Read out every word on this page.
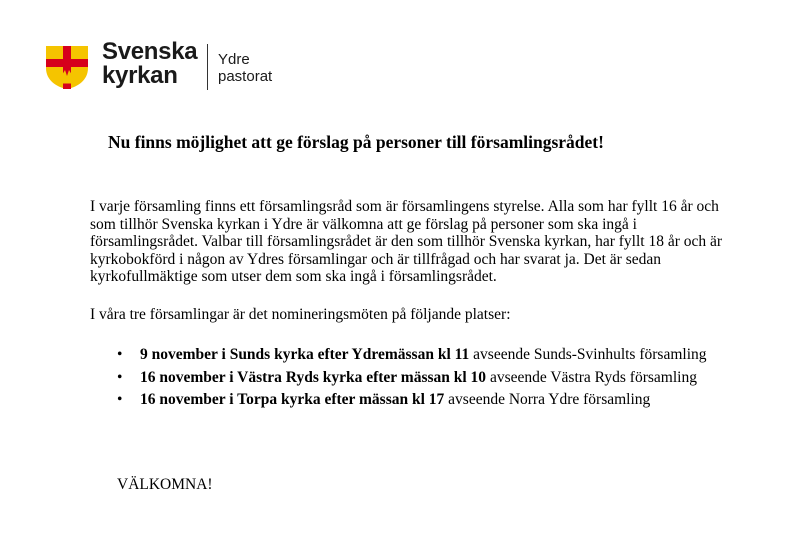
Svenska
kyrkan
Ydre
pastorat
Nu finns möjlighet att ge förslag på personer till församlingsrådet!
I varje församling finns ett församlingsråd som är församlingens styrelse. Alla som har fyllt 16 år och som tillhör Svenska kyrkan i Ydre är välkomna att ge förslag på personer som ska ingå i församlingsrådet. Valbar till församlingsrådet är den som tillhör Svenska kyrkan, har fyllt 18 år och är kyrkobokförd i någon av Ydres församlingar och är tillfrågad och har svarat ja. Det är sedan kyrkofullmäktige som utser dem som ska ingå i församlingsrådet.
I våra tre församlingar är det nomineringsmöten på följande platser:
• 9 november i Sunds kyrka efter Ydremässan kl 11 avseende Sunds-Svinhults församling
• 16 november i Västra Ryds kyrka efter mässan kl 10 avseende Västra Ryds församling
• 16 november i Torpa kyrka efter mässan kl 17 avseende Norra Ydre församling
VÄLKOMNA!
